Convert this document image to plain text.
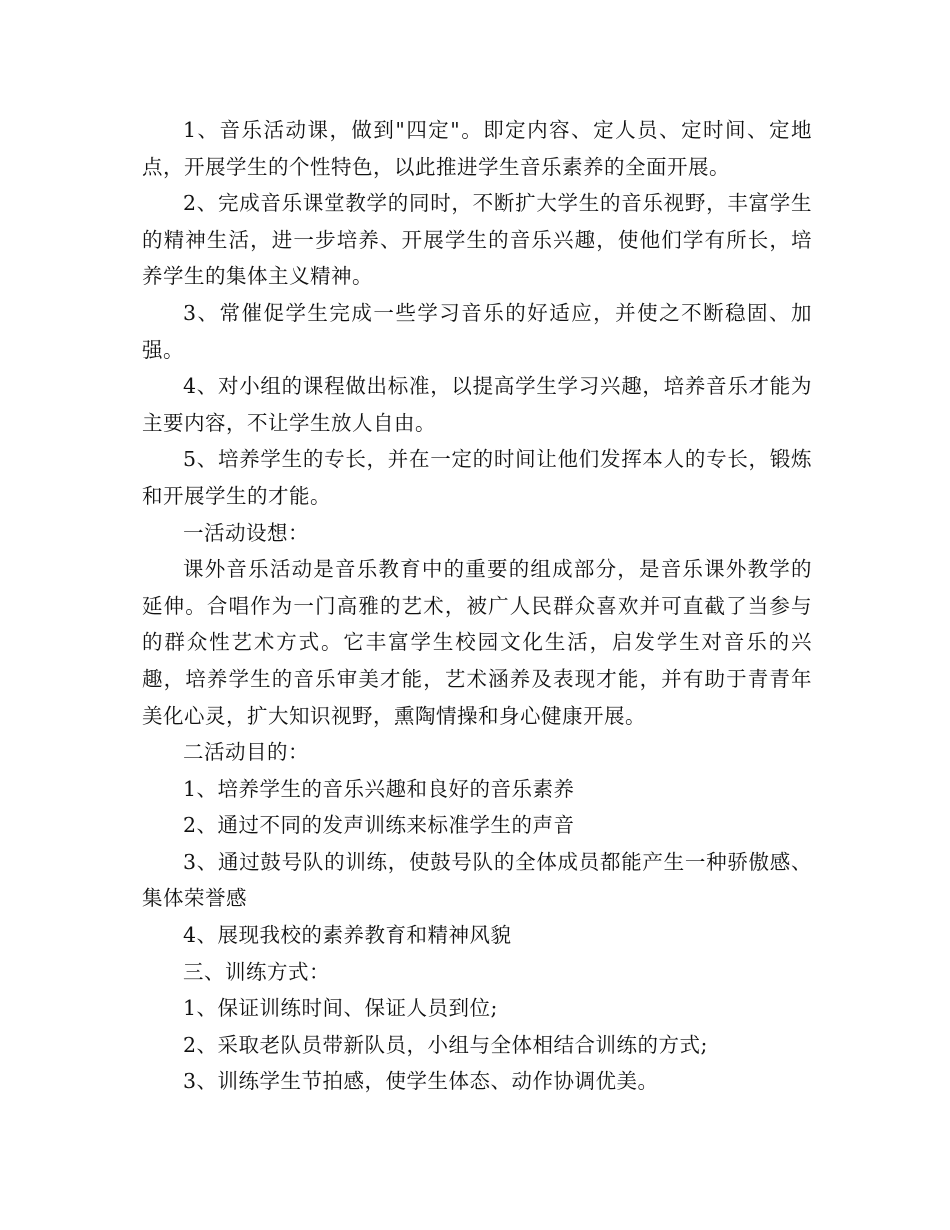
1、音乐活动课，做到"四定"。即定内容、定人员、定时间、定地点，开展学生的个性特色，以此推进学生音乐素养的全面开展。

2、完成音乐课堂教学的同时，不断扩大学生的音乐视野，丰富学生的精神生活，进一步培养、开展学生的音乐兴趣，使他们学有所长，培养学生的集体主义精神。

3、常催促学生完成一些学习音乐的好适应，并使之不断稳固、加强。

4、对小组的课程做出标准，以提高学生学习兴趣，培养音乐才能为主要内容，不让学生放人自由。

5、培养学生的专长，并在一定的时间让他们发挥本人的专长，锻炼和开展学生的才能。

一活动设想：

课外音乐活动是音乐教育中的重要的组成部分，是音乐课外教学的延伸。合唱作为一门高雅的艺术，被广人民群众喜欢并可直截了当参与的群众性艺术方式。它丰富学生校园文化生活，启发学生对音乐的兴趣，培养学生的音乐审美才能，艺术涵养及表现才能，并有助于青青年美化心灵，扩大知识视野，熏陶情操和身心健康开展。

二活动目的：

1、培养学生的音乐兴趣和良好的音乐素养

2、通过不同的发声训练来标准学生的声音

3、通过鼓号队的训练，使鼓号队的全体成员都能产生一种骄傲感、集体荣誉感

4、展现我校的素养教育和精神风貌

三、训练方式：

1、保证训练时间、保证人员到位;

2、采取老队员带新队员，小组与全体相结合训练的方式;

3、训练学生节拍感，使学生体态、动作协调优美。
